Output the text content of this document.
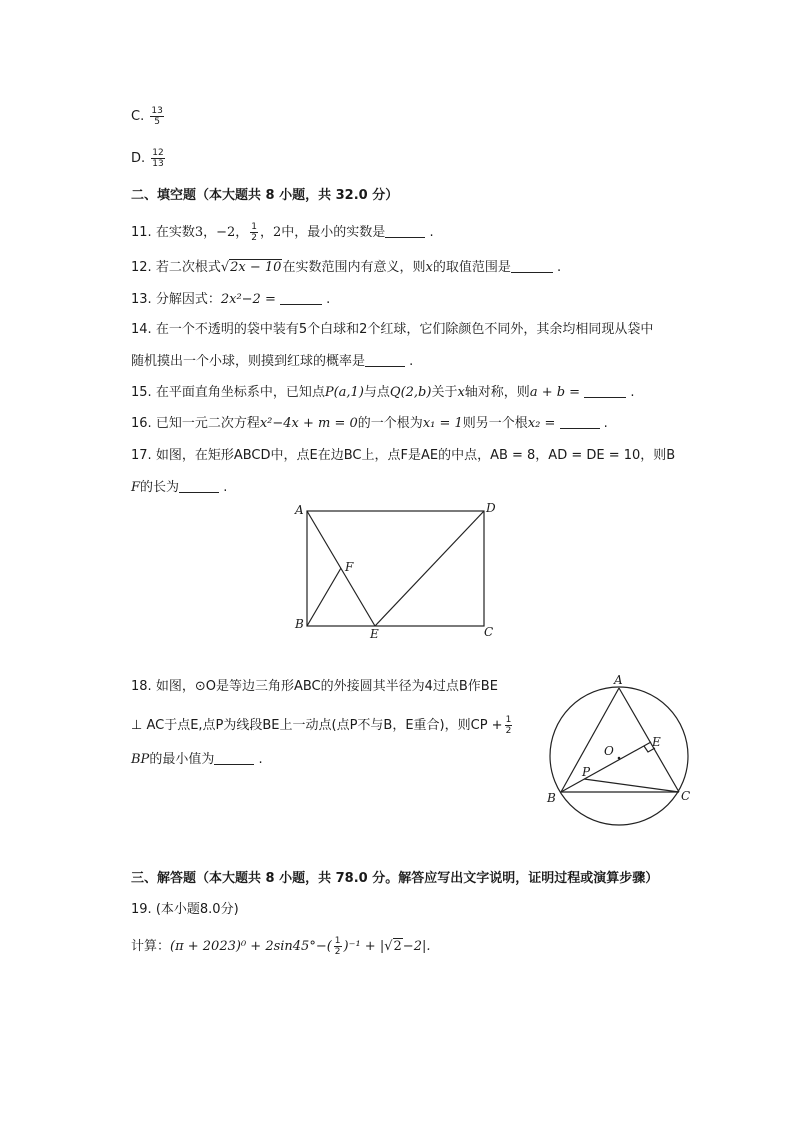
C. $\frac{13}{5}$
D. $\frac{12}{13}$
二、填空题（本大题共 8 小题，共 32.0 分）
11. 在实数3，−2， $\frac{1}{2}$ ，2中，最小的实数是	.
12. 若二次根式√2x − 10在实数范围内有意义，则x的取值范围是	.
13. 分解因式：2x²−2 =	.
14. 在一个不透明的袋中装有5个白球和2个红球，它们除颜色不同外，其余均相同现从袋中
随机摸出一个小球，则摸到红球的概率是	.
15. 在平面直角坐标系中，已知点P(a,1)与点Q(2,b)关于x轴对称，则a + b =	.
16. 已知一元二次方程x²−4x + m = 0的一个根为x₁ = 1则另一个根x₂ =	.
17. 如图，在矩形ABCD中，点E在边BC上，点F是AE的中点，AB = 8，AD = DE = 10，则B
F的长为	.
A	D
B
C
E
F
18. 如图，⊙O是等边三角形ABC的外接圆其半径为4过点B作BE
⊥ AC于点E,点P为线段BE上一动点(点P不与B，E重合)，则CP + $\frac{1}{2}$
BP的最小值为	.
A
B	C
O
E
P
三、解答题（本大题共 8 小题，共 78.0 分。解答应写出文字说明，证明过程或演算步骤）
19. (本小题8.0分)
计算：$(\pi + 2023)^0 + 2\sin 45^\circ-( \frac{1}{2} )^{-1} + |√2-2|$.
